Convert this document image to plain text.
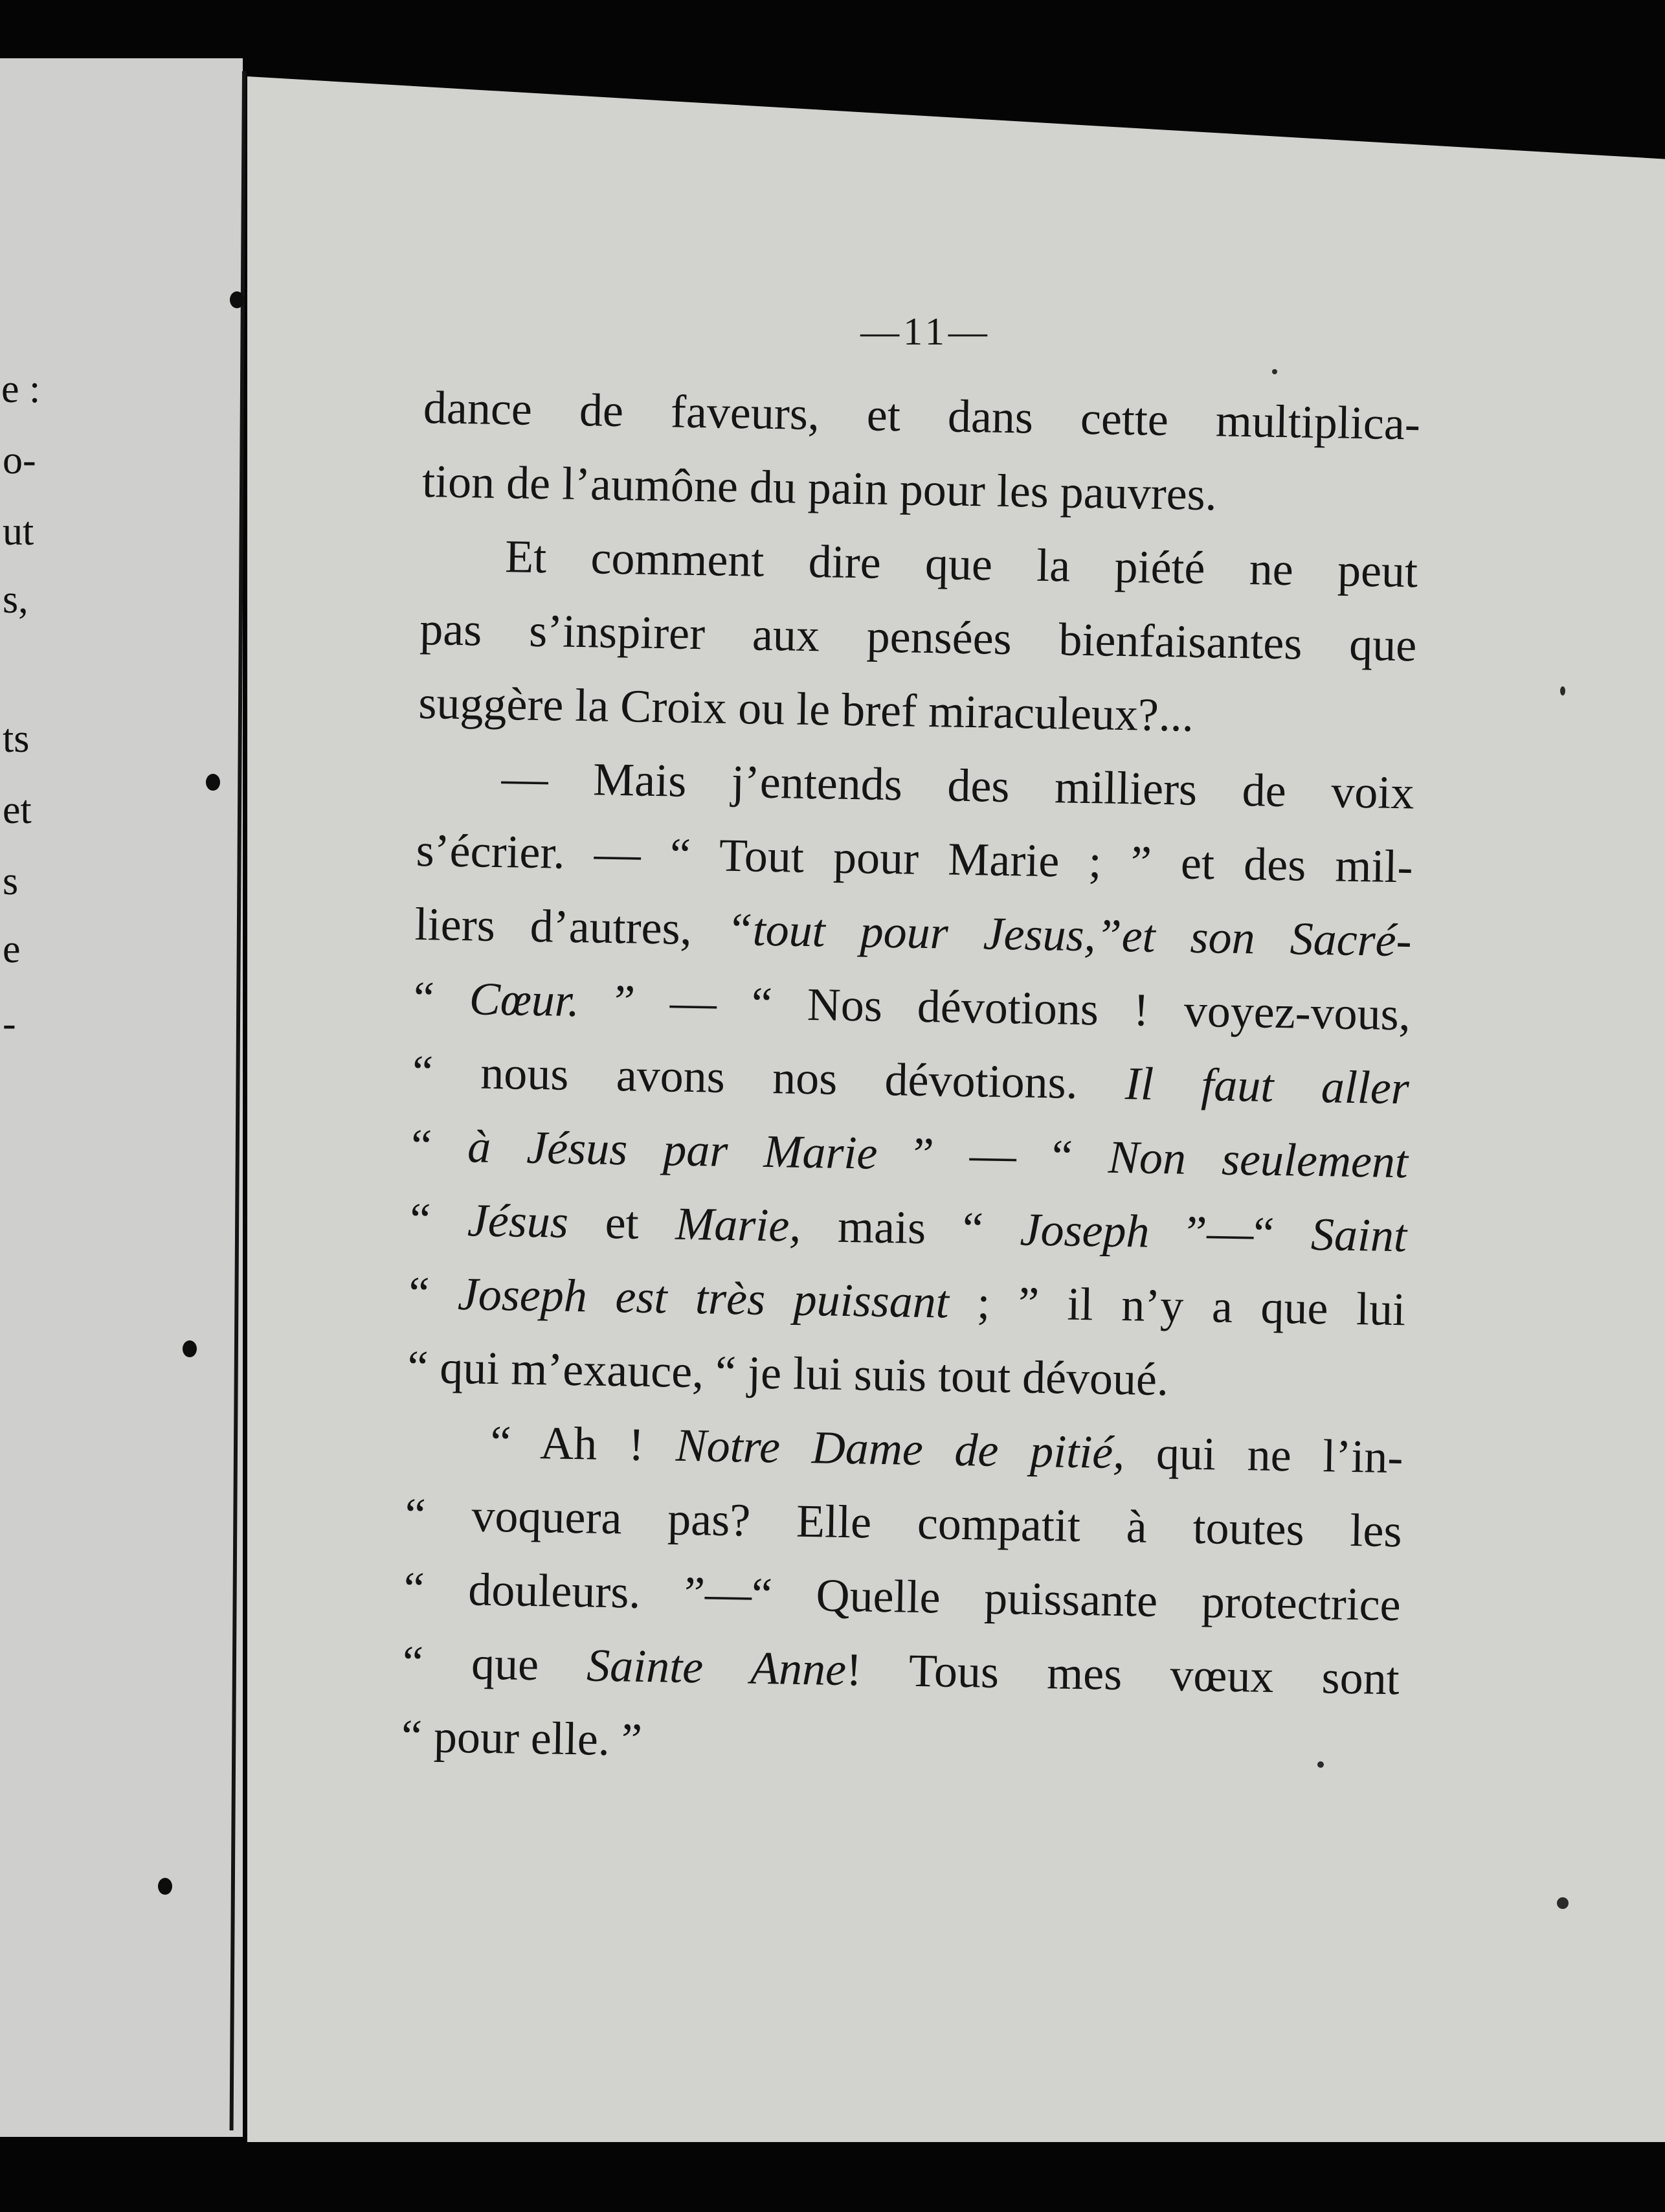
e :
o-
ut
s,
ts
et
s
e
-
—11—
dance de faveurs, et dans cette multiplica-
tion de l’aumône du pain pour les pauvres.
Et comment dire que la piété ne peut
pas s’inspirer aux pensées bienfaisantes que
suggère la Croix ou le bref miraculeux?...
— Mais j’entends des milliers de voix
s’écrier. — “ Tout pour Marie ; ” et des mil-
liers d’autres, “tout pour Jesus,”et son Sacré-
“ Cœur. ” — “ Nos dévotions ! voyez-vous,
“ nous avons nos dévotions. Il faut aller
“ à Jésus par Marie ” — “ Non seulement
“ Jésus et Marie, mais “ Joseph ”—“ Saint
“ Joseph est très puissant ; ” il n’y a que lui
“ qui m’exauce, “ je lui suis tout dévoué.
“ Ah ! Notre Dame de pitié, qui ne l’in-
“ voquera pas? Elle compatit à toutes les
“ douleurs. ”—“ Quelle puissante protectrice
“ que Sainte Anne! Tous mes vœux sont
“ pour elle. ”
